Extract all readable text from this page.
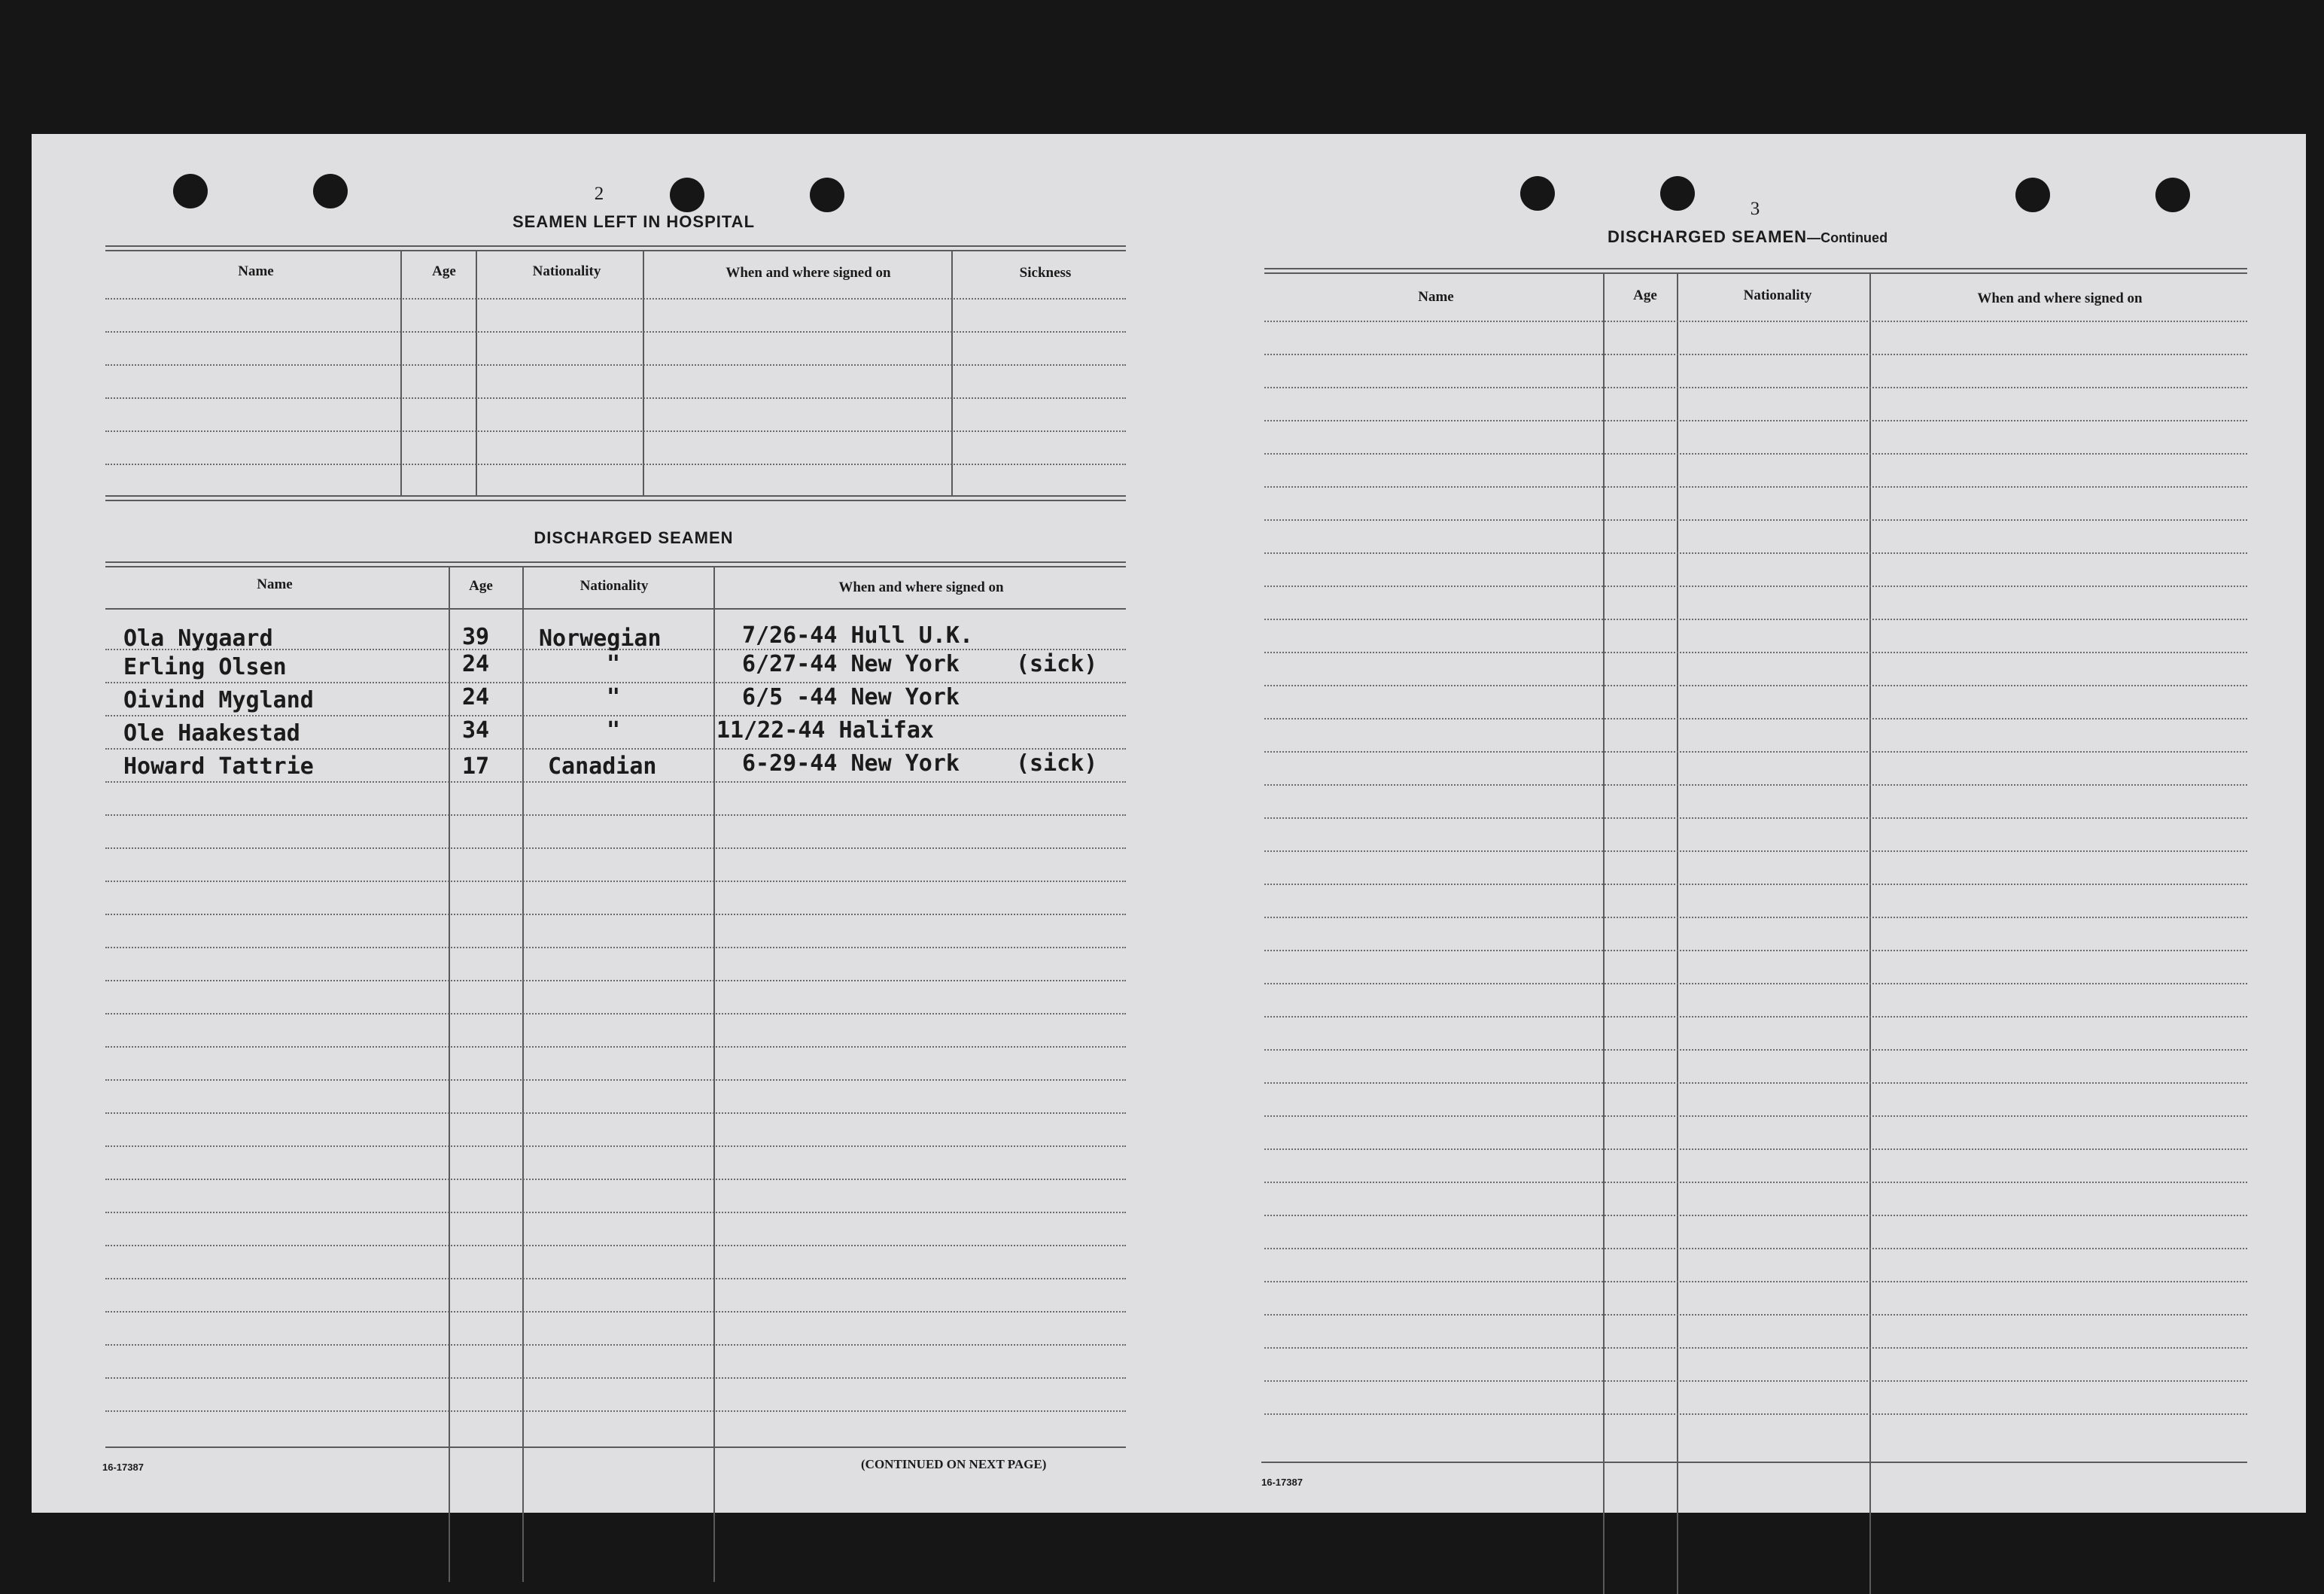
2
SEAMEN LEFT IN HOSPITAL
Name	Age	Nationality	When and where signed on	Sickness
DISCHARGED SEAMEN
Name	Age	Nationality	When and where signed on
Ola Nygaard	39 Norwegian	7/26-44 Hull U.K.
Erling Olsen	24	"	6/27-44 New York	(sick)
Oivind Mygland	24	"	6/5 -44 New York
Ole Haakestad	34	"	11/22-44 Halifax
Howard Tattrie	17	Canadian	6-29-44 New York	(sick)
16-17387	(CONTINUED ON NEXT PAGE)
3
DISCHARGED SEAMEN—Continued
Name	Age	Nationality	When and where signed on
16-17387
